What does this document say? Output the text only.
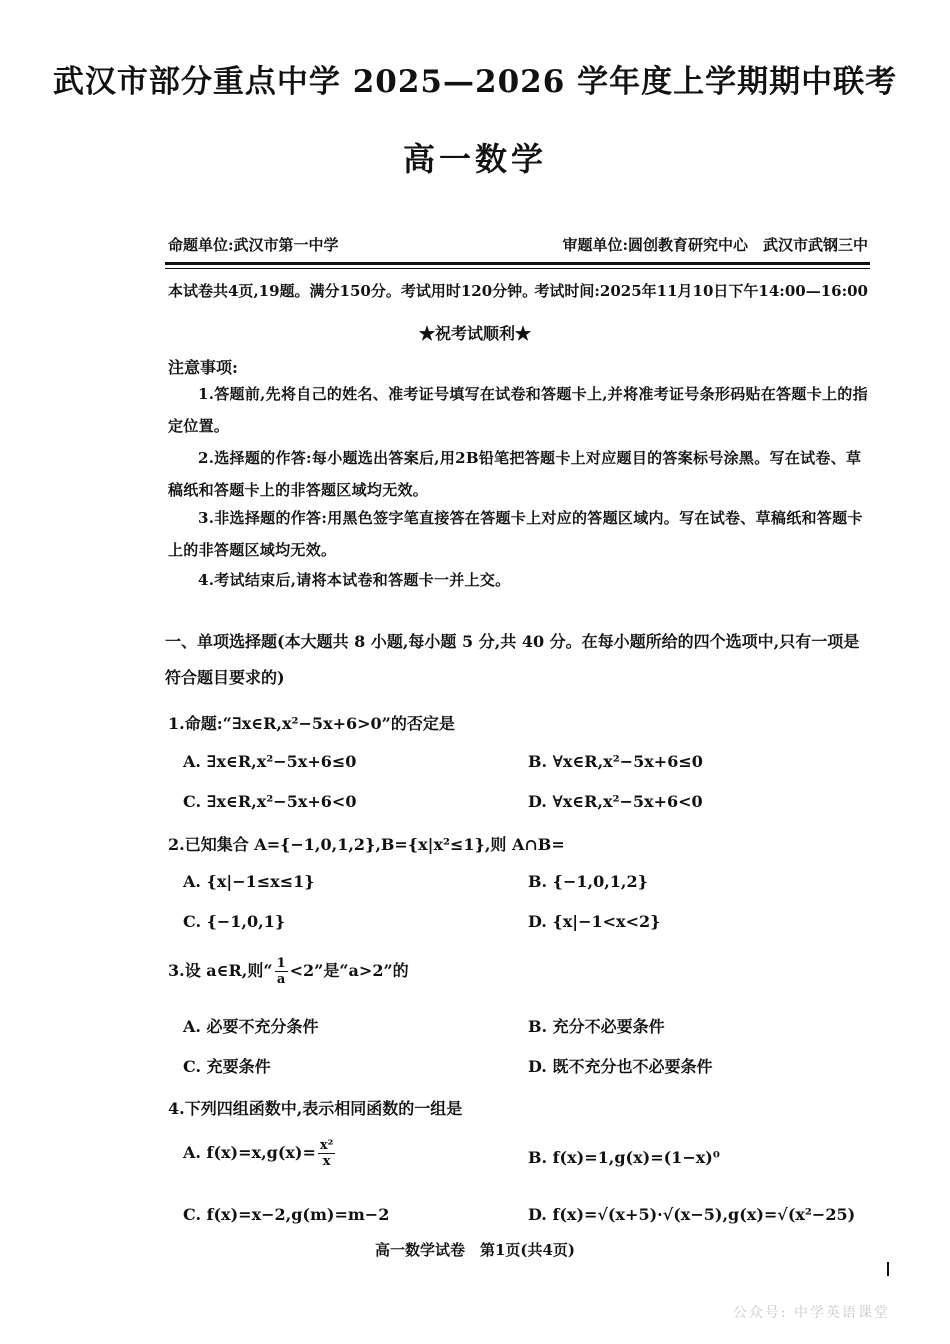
武汉市部分重点中学 2025—2026 学年度上学期期中联考
高一数学
命题单位:武汉市第一中学	审题单位:圆创教育研究中心　武汉市武钢三中
本试卷共4页,19题。满分150分。考试用时120分钟。
考试时间:2025年11月10日下午14:00—16:00
★祝考试顺利★
注意事项:
1.答题前,先将自己的姓名、准考证号填写在试卷和答题卡上,并将准考证号条形码贴在答题卡上的指定位置。
2.选择题的作答:每小题选出答案后,用2B铅笔把答题卡上对应题目的答案标号涂黑。写在试卷、草稿纸和答题卡上的非答题区域均无效。
3.非选择题的作答:用黑色签字笔直接答在答题卡上对应的答题区域内。写在试卷、草稿纸和答题卡上的非答题区域均无效。
4.考试结束后,请将本试卷和答题卡一并上交。
一、单项选择题(本大题共 8 小题,每小题 5 分,共 40 分。在每小题所给的四个选项中,只有一项是符合题目要求的)
1.命题:“∃x∈R,x²−5x+6>0”的否定是
A. ∃x∈R,x²−5x+6≤0	B. ∀x∈R,x²−5x+6≤0
C. ∃x∈R,x²−5x+6<0	D. ∀x∈R,x²−5x+6<0
2.已知集合 A={−1,0,1,2},B={x|x²≤1},则 A∩B=
A. {x|−1≤x≤1}	B. {−1,0,1,2}
C. {−1,0,1}	D. {x|−1<x<2}
3.设 a∈R,则“ $\frac{1}{a} <2$”是“a>2”的
A. 必要不充分条件	B. 充分不必要条件
C. 充要条件	D. 既不充分也不必要条件
4.下列四组函数中,表示相同函数的一组是
A. $f(x)=x,g(x)= \frac{\text{x²}}{x}$	B. f(x)=1,g(x)=(1−x)⁰
C. f(x)=x−2,g(m)=m−2	D. f(x)=√(x+5)·√(x−5),g(x)=√(x²−25)
高一数学试卷　第1页(共4页)
公众号: 中学英语课堂
